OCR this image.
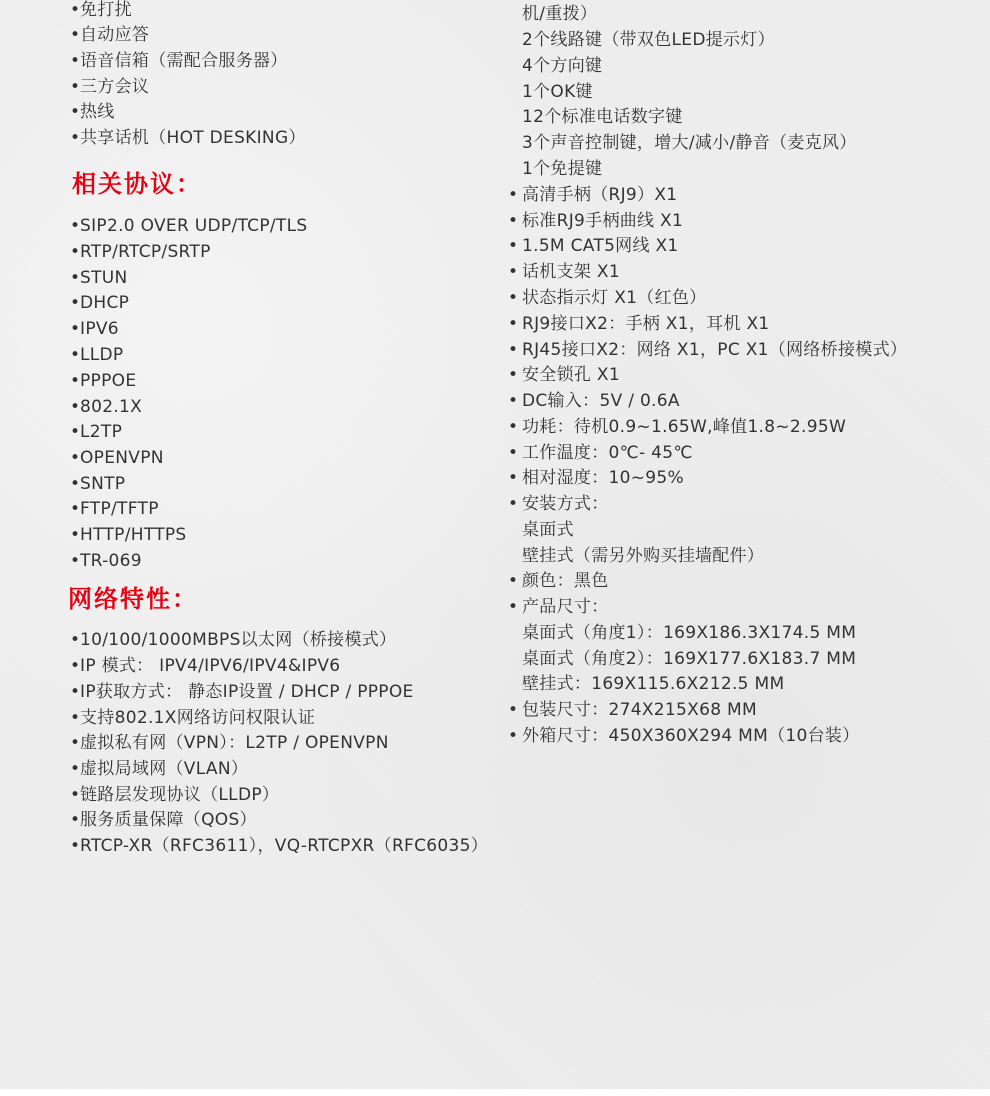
•免打扰
•自动应答
•语音信箱（需配合服务器）
•三方会议
•热线
•共享话机（HOT DESKING）
相关协议：
•SIP2.0 OVER UDP/TCP/TLS
•RTP/RTCP/SRTP
•STUN
•DHCP
•IPV6
•LLDP
•PPPOE
•802.1X
•L2TP
•OPENVPN
•SNTP
•FTP/TFTP
•HTTP/HTTPS
•TR-069
网络特性：
•10/100/1000MBPS以太网（桥接模式）
•IP 模式： IPV4/IPV6/IPV4&IPV6
•IP获取方式： 静态IP设置 / DHCP / PPPOE
•支持802.1X网络访问权限认证
•虚拟私有网（VPN）：L2TP / OPENVPN
•虚拟局域网（VLAN）
•链路层发现协议（LLDP）
•服务质量保障（QOS）
•RTCP-XR（RFC3611），VQ-RTCPXR（RFC6035）
机/重拨）
2个线路键（带双色LED提示灯）
4个方向键
1个OK键
12个标准电话数字键
3个声音控制键，增大/减小/静音（麦克风）
1个免提键
• 高清手柄（RJ9）X1
• 标准RJ9手柄曲线 X1
• 1.5M CAT5网线 X1
• 话机支架 X1
• 状态指示灯 X1（红色）
• RJ9接口X2：手柄 X1，耳机 X1
• RJ45接口X2：网络 X1，PC X1（网络桥接模式）
• 安全锁孔 X1
• DC输入：5V / 0.6A
• 功耗：待机0.9~1.65W,峰值1.8~2.95W
• 工作温度：0℃- 45℃
• 相对湿度：10~95%
• 安装方式：
桌面式
壁挂式（需另外购买挂墙配件）
• 颜色：黑色
• 产品尺寸：
桌面式（角度1）：169X186.3X174.5 MM
桌面式（角度2）：169X177.6X183.7 MM
壁挂式：169X115.6X212.5 MM
• 包装尺寸：274X215X68 MM
• 外箱尺寸：450X360X294 MM（10台装）
